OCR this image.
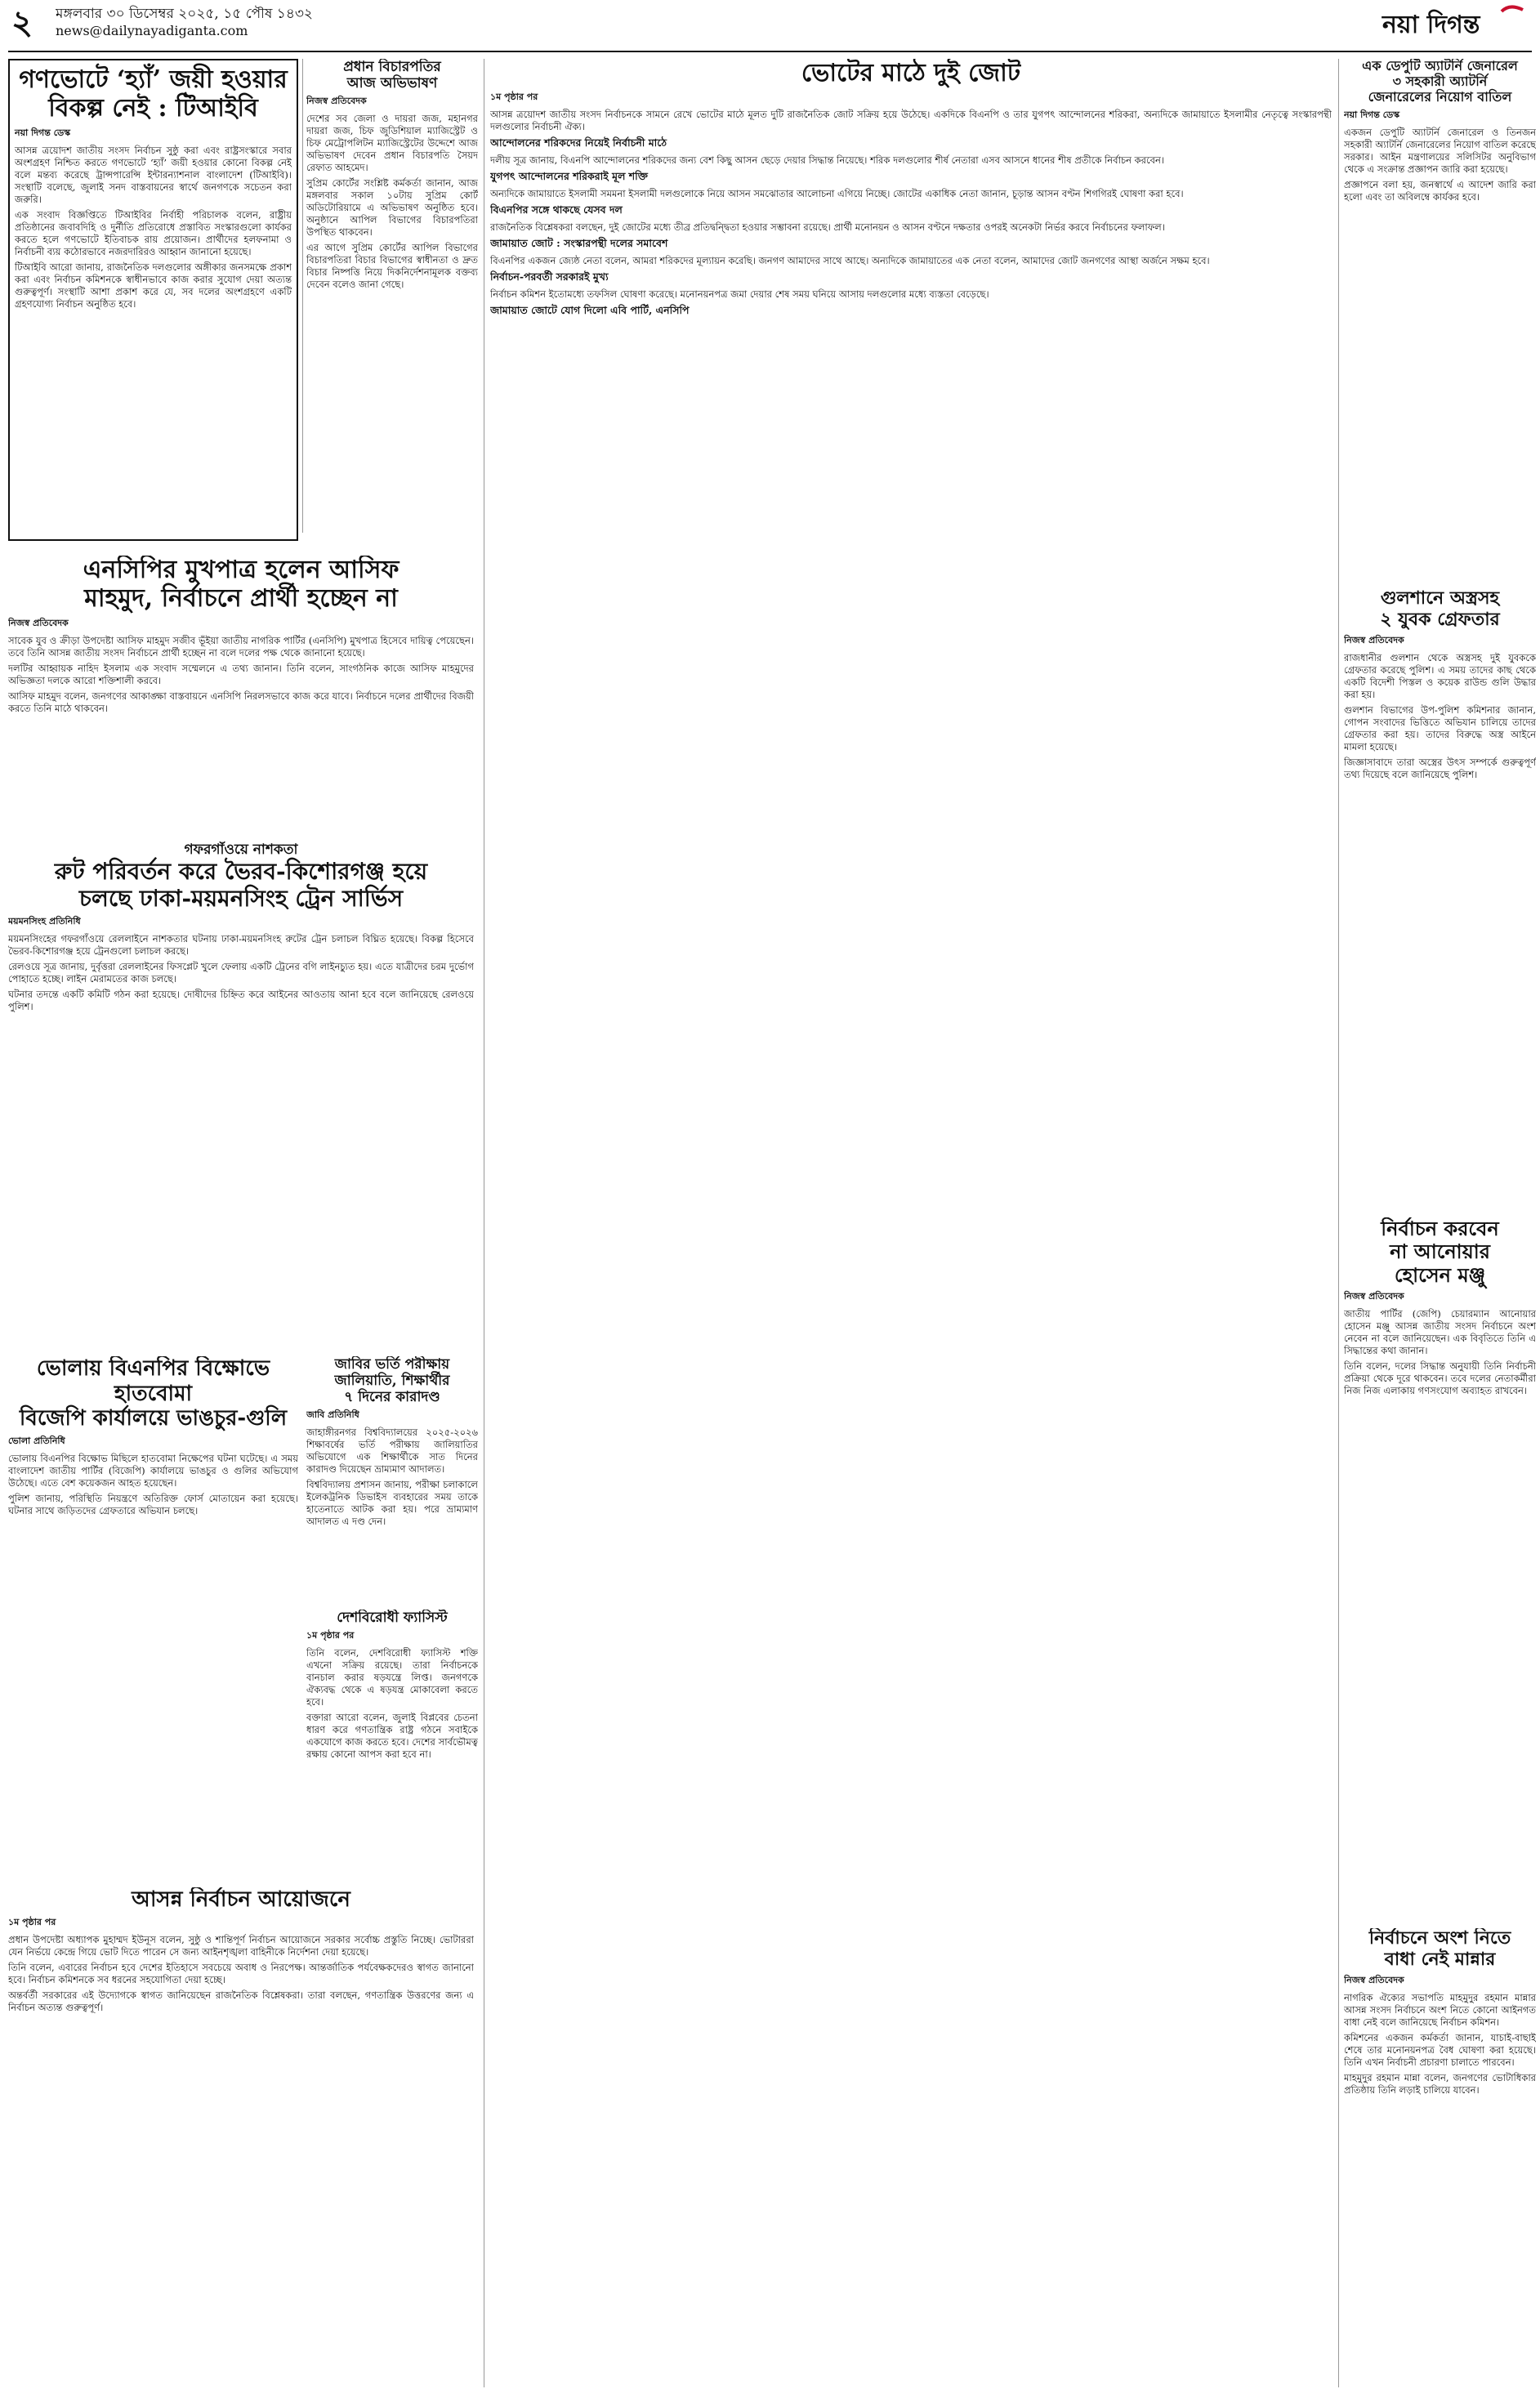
২	মঙ্গলবার ৩০ ডিসেম্বর ২০২৫, ১৫ পৌষ ১৪৩২
news@dailynayadiganta.com	নয়া দিগন্ত
গণভোটে ‘হ্যাঁ’ জয়ী হওয়ার
বিকল্প নেই : টিআইবি
নয়া দিগন্ত ডেস্ক

আসন্ন ত্রয়োদশ জাতীয় সংসদ নির্বাচন সুষ্ঠু করা এবং রাষ্ট্রসংস্কারে সবার অংশগ্রহণ নিশ্চিত করতে গণভোটে ‘হ্যাঁ’ জয়ী হওয়ার কোনো বিকল্প নেই বলে মন্তব্য করেছে ট্রান্সপারেন্সি ইন্টারন্যাশনাল বাংলাদেশ (টিআইবি)। সংস্থাটি বলেছে, জুলাই সনদ বাস্তবায়নের স্বার্থে জনগণকে সচেতন করা জরুরি।

এক সংবাদ বিজ্ঞপ্তিতে টিআইবির নির্বাহী পরিচালক বলেন, রাষ্ট্রীয় প্রতিষ্ঠানের জবাবদিহি ও দুর্নীতি প্রতিরোধে প্রস্তাবিত সংস্কারগুলো কার্যকর করতে হলে গণভোটে ইতিবাচক রায় প্রয়োজন। প্রার্থীদের হলফনামা ও নির্বাচনী ব্যয় কঠোরভাবে নজরদারিরও আহ্বান জানানো হয়েছে।

টিআইবি আরো জানায়, রাজনৈতিক দলগুলোর অঙ্গীকার জনসমক্ষে প্রকাশ করা এবং নির্বাচন কমিশনকে স্বাধীনভাবে কাজ করার সুযোগ দেয়া অত্যন্ত গুরুত্বপূর্ণ। সংস্থাটি আশা প্রকাশ করে যে, সব দলের অংশগ্রহণে একটি গ্রহণযোগ্য নির্বাচন অনুষ্ঠিত হবে।

এনসিপির মুখপাত্র হলেন আসিফ
মাহমুদ, নির্বাচনে প্রার্থী হচ্ছেন না
নিজস্ব প্রতিবেদক

সাবেক যুব ও ক্রীড়া উপদেষ্টা আসিফ মাহমুদ সজীব ভূঁইয়া জাতীয় নাগরিক পার্টির (এনসিপি) মুখপাত্র হিসেবে দায়িত্ব পেয়েছেন। তবে তিনি আসন্ন জাতীয় সংসদ নির্বাচনে প্রার্থী হচ্ছেন না বলে দলের পক্ষ থেকে জানানো হয়েছে।

দলটির আহ্বায়ক নাহিদ ইসলাম এক সংবাদ সম্মেলনে এ তথ্য জানান। তিনি বলেন, সাংগঠনিক কাজে আসিফ মাহমুদের অভিজ্ঞতা দলকে আরো শক্তিশালী করবে।

আসিফ মাহমুদ বলেন, জনগণের আকাঙ্ক্ষা বাস্তবায়নে এনসিপি নিরলসভাবে কাজ করে যাবে। নির্বাচনে দলের প্রার্থীদের বিজয়ী করতে তিনি মাঠে থাকবেন।

গফরগাঁওয়ে নাশকতা
রুট পরিবর্তন করে ভৈরব-কিশোরগঞ্জ হয়ে
চলছে ঢাকা-ময়মনসিংহ ট্রেন সার্ভিস
ময়মনসিংহ প্রতিনিধি

ময়মনসিংহের গফরগাঁওয়ে রেললাইনে নাশকতার ঘটনায় ঢাকা-ময়মনসিংহ রুটের ট্রেন চলাচল বিঘ্নিত হয়েছে। বিকল্প হিসেবে ভৈরব-কিশোরগঞ্জ হয়ে ট্রেনগুলো চলাচল করছে।

রেলওয়ে সূত্র জানায়, দুর্বৃত্তরা রেললাইনের ফিসপ্লেট খুলে ফেলায় একটি ট্রেনের বগি লাইনচ্যুত হয়। এতে যাত্রীদের চরম দুর্ভোগ পোহাতে হচ্ছে। লাইন মেরামতের কাজ চলছে।

ঘটনার তদন্তে একটি কমিটি গঠন করা হয়েছে। দোষীদের চিহ্নিত করে আইনের আওতায় আনা হবে বলে জানিয়েছে রেলওয়ে পুলিশ।

ভোলায় বিএনপির বিক্ষোভে হাতবোমা
বিজেপি কার্যালয়ে ভাঙচুর-গুলি
ভোলা প্রতিনিধি

ভোলায় বিএনপির বিক্ষোভ মিছিলে হাতবোমা নিক্ষেপের ঘটনা ঘটেছে। এ সময় বাংলাদেশ জাতীয় পার্টির (বিজেপি) কার্যালয়ে ভাঙচুর ও গুলির অভিযোগ উঠেছে। এতে বেশ কয়েকজন আহত হয়েছেন।

পুলিশ জানায়, পরিস্থিতি নিয়ন্ত্রণে অতিরিক্ত ফোর্স মোতায়েন করা হয়েছে। ঘটনার সাথে জড়িতদের গ্রেফতারে অভিযান চলছে।

আসন্ন নির্বাচন আয়োজনে
১ম পৃষ্ঠার পর

প্রধান উপদেষ্টা অধ্যাপক মুহাম্মদ ইউনূস বলেন, সুষ্ঠু ও শান্তিপূর্ণ নির্বাচন আয়োজনে সরকার সর্বোচ্চ প্রস্তুতি নিচ্ছে। ভোটাররা যেন নির্ভয়ে কেন্দ্রে গিয়ে ভোট দিতে পারেন সে জন্য আইনশৃঙ্খলা বাহিনীকে নির্দেশনা দেয়া হয়েছে।

তিনি বলেন, এবারের নির্বাচন হবে দেশের ইতিহাসে সবচেয়ে অবাধ ও নিরপেক্ষ। আন্তর্জাতিক পর্যবেক্ষকদেরও স্বাগত জানানো হবে। নির্বাচন কমিশনকে সব ধরনের সহযোগিতা দেয়া হচ্ছে।

অন্তর্বর্তী সরকারের এই উদ্যোগকে স্বাগত জানিয়েছেন রাজনৈতিক বিশ্লেষকরা। তারা বলছেন, গণতান্ত্রিক উত্তরণের জন্য এ নির্বাচন অত্যন্ত গুরুত্বপূর্ণ।

প্রধান বিচারপতির
আজ অভিভাষণ
নিজস্ব প্রতিবেদক

দেশের সব জেলা ও দায়রা জজ, মহানগর দায়রা জজ, চিফ জুডিশিয়াল ম্যাজিস্ট্রেট ও চিফ মেট্রোপলিটন ম্যাজিস্ট্রেটের উদ্দেশে আজ অভিভাষণ দেবেন প্রধান বিচারপতি সৈয়দ রেফাত আহমেদ।

সুপ্রিম কোর্টের সংশ্লিষ্ট কর্মকর্তা জানান, আজ মঙ্গলবার সকাল ১০টায় সুপ্রিম কোর্ট অডিটোরিয়ামে এ অভিভাষণ অনুষ্ঠিত হবে। অনুষ্ঠানে আপিল বিভাগের বিচারপতিরা উপস্থিত থাকবেন।

এর আগে সুপ্রিম কোর্টের আপিল বিভাগের বিচারপতিরা বিচার বিভাগের স্বাধীনতা ও দ্রুত বিচার নিষ্পত্তি নিয়ে দিকনির্দেশনামূলক বক্তব্য দেবেন বলেও জানা গেছে।

জাবির ভর্তি পরীক্ষায়
জালিয়াতি, শিক্ষার্থীর
৭ দিনের কারাদণ্ড
জাবি প্রতিনিধি

জাহাঙ্গীরনগর বিশ্ববিদ্যালয়ের ২০২৫-২০২৬ শিক্ষাবর্ষের ভর্তি পরীক্ষায় জালিয়াতির অভিযোগে এক শিক্ষার্থীকে সাত দিনের কারাদণ্ড দিয়েছেন ভ্রাম্যমাণ আদালত।

বিশ্ববিদ্যালয় প্রশাসন জানায়, পরীক্ষা চলাকালে ইলেকট্রনিক ডিভাইস ব্যবহারের সময় তাকে হাতেনাতে আটক করা হয়। পরে ভ্রাম্যমাণ আদালত এ দণ্ড দেন।

দেশবিরোধী ফ্যাসিস্ট
১ম পৃষ্ঠার পর

তিনি বলেন, দেশবিরোধী ফ্যাসিস্ট শক্তি এখনো সক্রিয় রয়েছে। তারা নির্বাচনকে বানচাল করার ষড়যন্ত্রে লিপ্ত। জনগণকে ঐক্যবদ্ধ থেকে এ ষড়যন্ত্র মোকাবেলা করতে হবে।

বক্তারা আরো বলেন, জুলাই বিপ্লবের চেতনা ধারণ করে গণতান্ত্রিক রাষ্ট্র গঠনে সবাইকে একযোগে কাজ করতে হবে। দেশের সার্বভৌমত্ব রক্ষায় কোনো আপস করা হবে না।

ভোটের মাঠে দুই জোট
১ম পৃষ্ঠার পর

আসন্ন ত্রয়োদশ জাতীয় সংসদ নির্বাচনকে সামনে রেখে ভোটের মাঠে মূলত দুটি রাজনৈতিক জোট সক্রিয় হয়ে উঠেছে। একদিকে বিএনপি ও তার যুগপৎ আন্দোলনের শরিকরা, অন্যদিকে জামায়াতে ইসলামীর নেতৃত্বে সংস্কারপন্থী দলগুলোর নির্বাচনী ঐক্য।

আন্দোলনের শরিকদের নিয়েই নির্বাচনী মাঠে

দলীয় সূত্র জানায়, বিএনপি আন্দোলনের শরিকদের জন্য বেশ কিছু আসন ছেড়ে দেয়ার সিদ্ধান্ত নিয়েছে। শরিক দলগুলোর শীর্ষ নেতারা এসব আসনে ধানের শীষ প্রতীকে নির্বাচন করবেন।

যুগপৎ আন্দোলনের শরিকরাই মূল শক্তি

অন্যদিকে জামায়াতে ইসলামী সমমনা ইসলামী দলগুলোকে নিয়ে আসন সমঝোতার আলোচনা এগিয়ে নিচ্ছে। জোটের একাধিক নেতা জানান, চূড়ান্ত আসন বণ্টন শিগগিরই ঘোষণা করা হবে।

বিএনপির সঙ্গে থাকছে যেসব দল

রাজনৈতিক বিশ্লেষকরা বলছেন, দুই জোটের মধ্যে তীব্র প্রতিদ্বন্দ্বিতা হওয়ার সম্ভাবনা রয়েছে। প্রার্থী মনোনয়ন ও আসন বণ্টনে দক্ষতার ওপরই অনেকটা নির্ভর করবে নির্বাচনের ফলাফল।

জামায়াত জোট : সংস্কারপন্থী দলের সমাবেশ

বিএনপির একজন জ্যেষ্ঠ নেতা বলেন, আমরা শরিকদের মূল্যায়ন করেছি। জনগণ আমাদের সাথে আছে। অন্যদিকে জামায়াতের এক নেতা বলেন, আমাদের জোট জনগণের আস্থা অর্জনে সক্ষম হবে।

নির্বাচন-পরবর্তী সরকারই মুখ্য

নির্বাচন কমিশন ইতোমধ্যে তফসিল ঘোষণা করেছে। মনোনয়নপত্র জমা দেয়ার শেষ সময় ঘনিয়ে আসায় দলগুলোর মধ্যে ব্যস্ততা বেড়েছে।

জামায়াত জোটে যোগ দিলো এবি পার্টি, এনসিপি
এক ডেপুটি অ্যাটর্নি জেনারেল
৩ সহকারী অ্যাটর্নি
জেনারেলের নিয়োগ বাতিল
নয়া দিগন্ত ডেস্ক

একজন ডেপুটি অ্যাটর্নি জেনারেল ও তিনজন সহকারী অ্যাটর্নি জেনারেলের নিয়োগ বাতিল করেছে সরকার। আইন মন্ত্রণালয়ের সলিসিটর অনুবিভাগ থেকে এ সংক্রান্ত প্রজ্ঞাপন জারি করা হয়েছে।

প্রজ্ঞাপনে বলা হয়, জনস্বার্থে এ আদেশ জারি করা হলো এবং তা অবিলম্বে কার্যকর হবে।

গুলশানে অস্ত্রসহ
২ যুবক গ্রেফতার
নিজস্ব প্রতিবেদক

রাজধানীর গুলশান থেকে অস্ত্রসহ দুই যুবককে গ্রেফতার করেছে পুলিশ। এ সময় তাদের কাছ থেকে একটি বিদেশী পিস্তল ও কয়েক রাউন্ড গুলি উদ্ধার করা হয়।

গুলশান বিভাগের উপ-পুলিশ কমিশনার জানান, গোপন সংবাদের ভিত্তিতে অভিযান চালিয়ে তাদের গ্রেফতার করা হয়। তাদের বিরুদ্ধে অস্ত্র আইনে মামলা হয়েছে।

জিজ্ঞাসাবাদে তারা অস্ত্রের উৎস সম্পর্কে গুরুত্বপূর্ণ তথ্য দিয়েছে বলে জানিয়েছে পুলিশ।

নির্বাচন করবেন
না আনোয়ার
হোসেন মঞ্জু
নিজস্ব প্রতিবেদক

জাতীয় পার্টির (জেপি) চেয়ারম্যান আনোয়ার হোসেন মঞ্জু আসন্ন জাতীয় সংসদ নির্বাচনে অংশ নেবেন না বলে জানিয়েছেন। এক বিবৃতিতে তিনি এ সিদ্ধান্তের কথা জানান।

তিনি বলেন, দলের সিদ্ধান্ত অনুযায়ী তিনি নির্বাচনী প্রক্রিয়া থেকে দূরে থাকবেন। তবে দলের নেতাকর্মীরা নিজ নিজ এলাকায় গণসংযোগ অব্যাহত রাখবেন।

নির্বাচনে অংশ নিতে
বাধা নেই মান্নার
নিজস্ব প্রতিবেদক

নাগরিক ঐক্যের সভাপতি মাহমুদুর রহমান মান্নার আসন্ন সংসদ নির্বাচনে অংশ নিতে কোনো আইনগত বাধা নেই বলে জানিয়েছে নির্বাচন কমিশন।

কমিশনের একজন কর্মকর্তা জানান, যাচাই-বাছাই শেষে তার মনোনয়নপত্র বৈধ ঘোষণা করা হয়েছে। তিনি এখন নির্বাচনী প্রচারণা চালাতে পারবেন।

মাহমুদুর রহমান মান্না বলেন, জনগণের ভোটাধিকার প্রতিষ্ঠায় তিনি লড়াই চালিয়ে যাবেন।
